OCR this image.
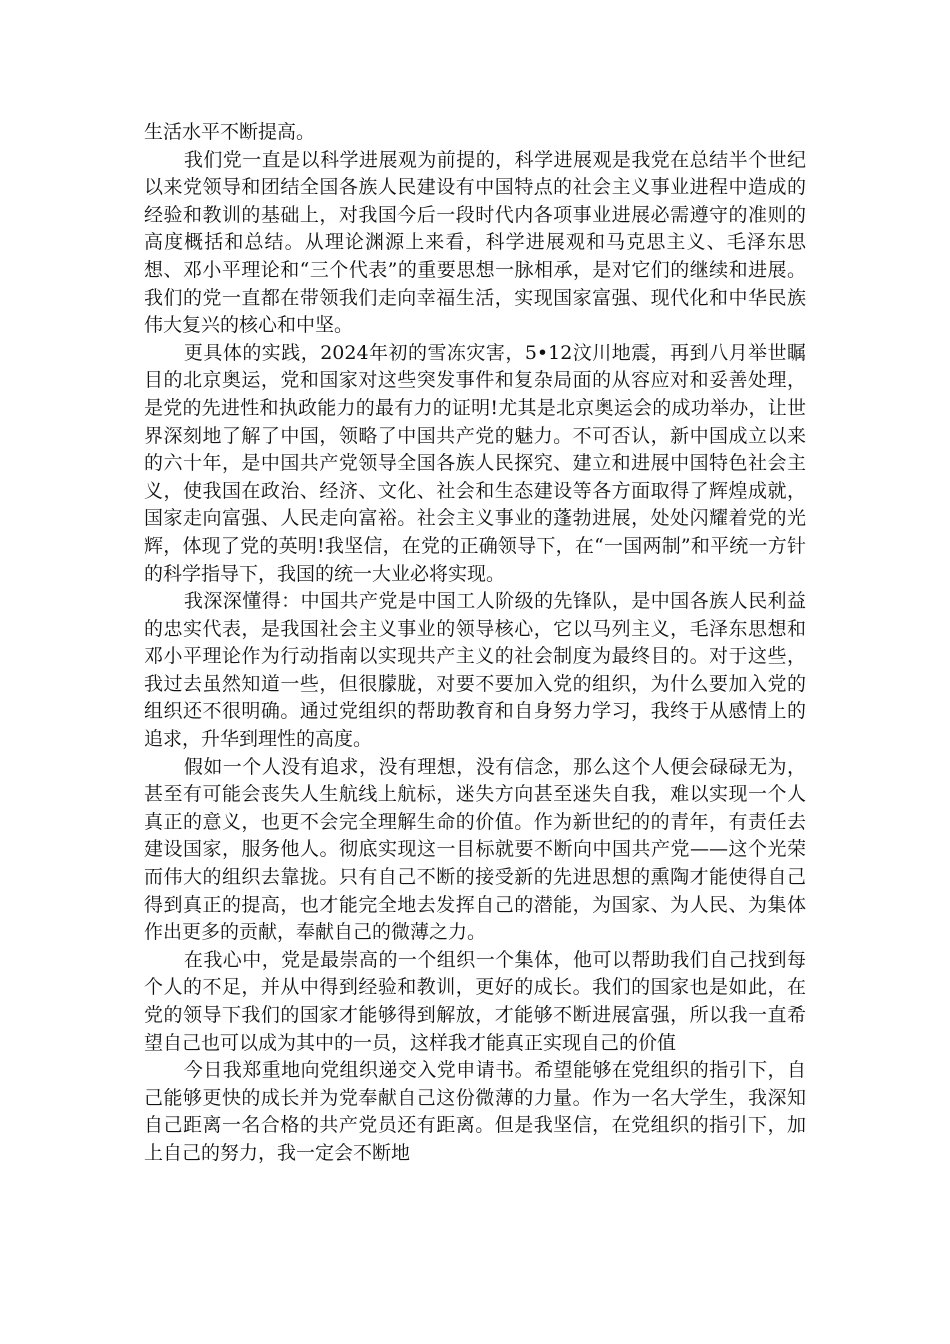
生活水平不断提高。

我们党一直是以科学进展观为前提的，科学进展观是我党在总结半个世纪以来党领导和团结全国各族人民建设有中国特点的社会主义事业进程中造成的经验和教训的基础上，对我国今后一段时代内各项事业进展必需遵守的准则的高度概括和总结。从理论渊源上来看，科学进展观和马克思主义、毛泽东思想、邓小平理论和“三个代表”的重要思想一脉相承，是对它们的继续和进展。我们的党一直都在带领我们走向幸福生活，实现国家富强、现代化和中华民族伟大复兴的核心和中坚。

更具体的实践，2024年初的雪冻灾害，5•12汶川地震，再到八月举世瞩目的北京奥运，党和国家对这些突发事件和复杂局面的从容应对和妥善处理，是党的先进性和执政能力的最有力的证明!尤其是北京奥运会的成功举办，让世界深刻地了解了中国，领略了中国共产党的魅力。不可否认，新中国成立以来的六十年，是中国共产党领导全国各族人民探究、建立和进展中国特色社会主义，使我国在政治、经济、文化、社会和生态建设等各方面取得了辉煌成就，国家走向富强、人民走向富裕。社会主义事业的蓬勃进展，处处闪耀着党的光辉，体现了党的英明!我坚信，在党的正确领导下，在“一国两制”和平统一方针的科学指导下，我国的统一大业必将实现。

我深深懂得：中国共产党是中国工人阶级的先锋队，是中国各族人民利益的忠实代表，是我国社会主义事业的领导核心，它以马列主义，毛泽东思想和邓小平理论作为行动指南以实现共产主义的社会制度为最终目的。对于这些，我过去虽然知道一些，但很朦胧，对要不要加入党的组织，为什么要加入党的组织还不很明确。通过党组织的帮助教育和自身努力学习，我终于从感情上的追求，升华到理性的高度。

假如一个人没有追求，没有理想，没有信念，那么这个人便会碌碌无为，甚至有可能会丧失人生航线上航标，迷失方向甚至迷失自我，难以实现一个人真正的意义，也更不会完全理解生命的价值。作为新世纪的的青年，有责任去建设国家，服务他人。彻底实现这一目标就要不断向中国共产党——这个光荣而伟大的组织去靠拢。只有自己不断的接受新的先进思想的熏陶才能使得自己得到真正的提高，也才能完全地去发挥自己的潜能，为国家、为人民、为集体作出更多的贡献，奉献自己的微薄之力。

在我心中，党是最崇高的一个组织一个集体，他可以帮助我们自己找到每个人的不足，并从中得到经验和教训，更好的成长。我们的国家也是如此，在党的领导下我们的国家才能够得到解放，才能够不断进展富强，所以我一直希望自己也可以成为其中的一员，这样我才能真正实现自己的价值

今日我郑重地向党组织递交入党申请书。希望能够在党组织的指引下，自己能够更快的成长并为党奉献自己这份微薄的力量。作为一名大学生，我深知自己距离一名合格的共产党员还有距离。但是我坚信，在党组织的指引下，加上自己的努力，我一定会不断地
